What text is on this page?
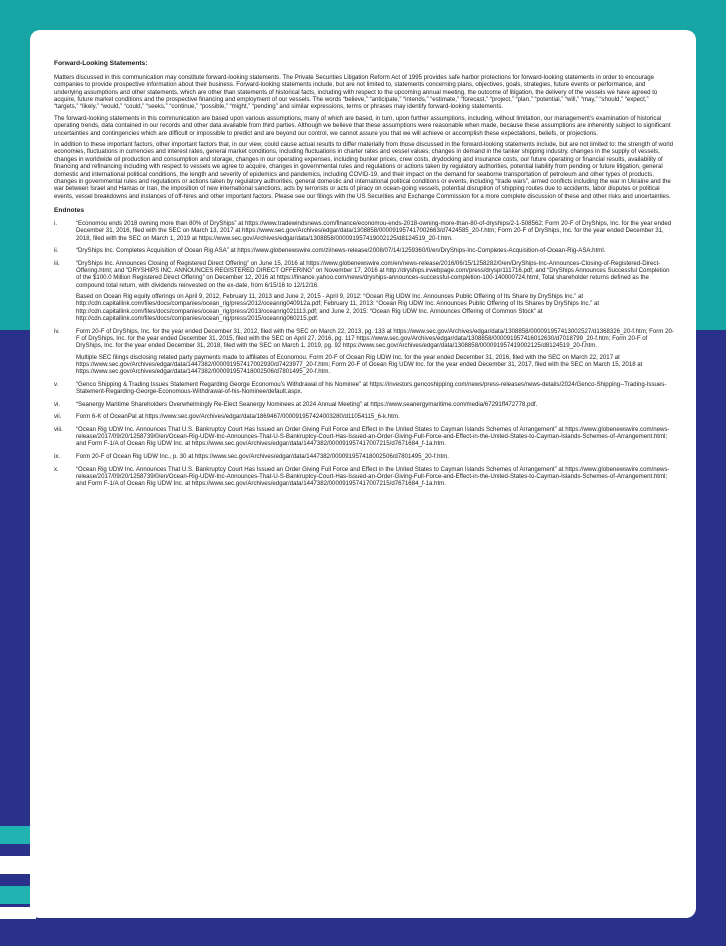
Forward-Looking Statements:

Matters discussed in this communication may constitute forward-looking statements. The Private Securities Litigation Reform Act of 1995 provides safe harbor protections for forward-looking statements in order to encourage companies to provide prospective information about their business. Forward-looking statements include, but are not limited to, statements concerning plans, objectives, goals, strategies, future events or performance, and underlying assumptions and other statements, which are other than statements of historical facts, including with respect to the upcoming annual meeting, the outcome of litigation, the delivery of the vessels we have agreed to acquire, future market conditions and the prospective financing and employment of our vessels. The words “believe,” “anticipate,” “intends,” “estimate,” “forecast,” “project,” “plan,” “potential,” “will,” “may,” “should,” “expect,” “targets,” “likely,” “would,” “could,” “seeks,” “continue,” “possible,” “might,” “pending” and similar expressions, terms or phrases may identify forward-looking statements.

The forward-looking statements in this communication are based upon various assumptions, many of which are based, in turn, upon further assumptions, including, without limitation, our management’s examination of historical operating trends, data contained in our records and other data available from third parties. Although we believe that these assumptions were reasonable when made, because these assumptions are inherently subject to significant uncertainties and contingencies which are difficult or impossible to predict and are beyond our control, we cannot assure you that we will achieve or accomplish these expectations, beliefs, or projections.

In addition to these important factors, other important factors that, in our view, could cause actual results to differ materially from those discussed in the forward-looking statements include, but are not limited to: the strength of world economies, fluctuations in currencies and interest rates, general market conditions, including fluctuations in charter rates and vessel values, changes in demand in the tanker shipping industry, changes in the supply of vessels, changes in worldwide oil production and consumption and storage, changes in our operating expenses, including bunker prices, crew costs, drydocking and insurance costs, our future operating or financial results, availability of financing and refinancing including with respect to vessels we agree to acquire, changes in governmental rules and regulations or actions taken by regulatory authorities, potential liability from pending or future litigation, general domestic and international political conditions, the length and severity of epidemics and pandemics, including COVID-19, and their impact on the demand for seaborne transportation of petroleum and other types of products, changes in governmental rules and regulations or actions taken by regulatory authorities, general domestic and international political conditions or events, including “trade wars”, armed conflicts including the war in Ukraine and the war between Israel and Hamas or Iran, the imposition of new international sanctions, acts by terrorists or acts of piracy on ocean-going vessels, potential disruption of shipping routes due to accidents, labor disputes or political events, vessel breakdowns and instances of off-hires and other important factors. Please see our filings with the US Securities and Exchange Commission for a more complete discussion of these and other risks and uncertainties.

Endnotes
i.	“Economou ends 2018 owning more than 80% of DryShips” at https://www.tradewindsnews.com/finance/economou-ends-2018-owning-more-than-80-of-dryships/2-1-508562; Form 20-F of DryShips, Inc. for the year ended December 31, 2016, filed with the SEC on March 13, 2017 at https://www.sec.gov/Archives/edgar/data/1308858/000091957417002663/d7424585_20-f.htm; Form 20-F of DryShips, Inc. for the year ended December 31, 2018, filed with the SEC on March 1, 2019 at https://www.sec.gov/Archives/edgar/data/1308858/000091957419002125/d8124519_20-f.htm.
ii.	“DryShips Inc. Completes Acquisition of Ocean Rig ASA” at https://www.globenewswire.com/zi/news-release/2008/07/14/1259360/0/en/DryShips-Inc-Completes-Acquisition-of-Ocean-Rig-ASA.html.
iii.	“DryShips Inc. Announces Closing of Registered Direct Offering” on June 15, 2016 at https://www.globenewswire.com/en/news-release/2016/06/15/1258282/0/en/DryShips-Inc-Announces-Closing-of-Registered-Direct-Offering.html; and “DRYSHIPS INC. ANNOUNCES REGISTERED DIRECT OFFERING” on November 17, 2016 at http://dryships.irwebpage.com/press/dryspr111716.pdf; and “DryShips Announces Successful Completion of the $100.0 Million Registered Direct Offering” on December 12, 2016 at https://finance.yahoo.com/news/dryships-announces-successful-completion-100-140000724.html; Total shareholder returns defined as the compound total return, with dividends reinvested on the ex-date, from 6/15/16 to 12/12/16.
Based on Ocean Rig equity offerings on April 9, 2012, February 11, 2013 and June 2, 2015 - April 9, 2012: “Ocean Rig UDW Inc. Announces Public Offering of Its Share by DryShips Inc.” at http://cdn.capitallink.com/files/docs/companies/ocean_rig/press/2012/oceanrig040912a.pdf; February 11, 2013: “Ocean Rig UDW Inc. Announces Public Offering of Its Shares by DryShips Inc.” at http://cdn.capitallink.com/files/docs/companies/ocean_rig/press/2013/oceanrig021113.pdf; and June 2, 2015: “Ocean Rig UDW Inc. Announces Offering of Common Stock” at http://cdn.capitallink.com/files/docs/companies/ocean_rig/press/2015/oceanrig060215.pdf.
iv.	Form 20-F of DryShips, Inc. for the year ended December 31, 2012, filed with the SEC on March 22, 2013, pg. 133 at https://www.sec.gov/Archives/edgar/data/1308858/000091957413002527/d1368326_20-f.htm; Form 20-F of DryShips, Inc. for the year ended December 31, 2015, filed with the SEC on April 27, 2016, pg. 117 https://www.sec.gov/Archives/edgar/data/1308858/000091957416012630/d7018799_20-f.htm; Form 20-F of DryShips, Inc. for the year ended December 31, 2018, filed with the SEC on March 1, 2019, pg. 92 https://www.sec.gov/Archives/edgar/data/1308858/000091957419002125/d8124519_20-f.htm.
Multiple SEC filings disclosing related party payments made to affiliates of Economou. Form 20-F of Ocean Rig UDW Inc. for the year ended December 31, 2016, filed with the SEC on March 22, 2017 at https://www.sec.gov/Archives/edgar/data/1447382/000091957417002930/d7423977_20-f.htm; Form 20-F of Ocean Rig UDW Inc. for the year ended December 31, 2017, filed with the SEC on March 15, 2018 at https://www.sec.gov/Archives/edgar/data/1447382/000091957418002506/d7801495_20-f.htm.
v.	“Genco Shipping & Trading Issues Statement Regarding George Economou’s Withdrawal of his Nominee” at https://investors.gencoshipping.com/news/press-releases/news-details/2024/Genco-Shipping--Trading-Issues-Statement-Regarding-George-Economous-Withdrawal-of-his-Nominee/default.aspx.
vi.	“Seanergy Maritime Shareholders Overwhelmingly Re-Elect Seanergy Nominees at 2024 Annual Meeting” at https://www.seanergymaritime.com/media/67291ff472778.pdf.
vii.	Form 6-K of OceanPal at https://www.sec.gov/Archives/edgar/data/1869467/000091957424003280/d11054115_6-k.htm.
viii.	“Ocean Rig UDW Inc. Announces That U.S. Bankruptcy Court Has Issued an Order Giving Full Force and Effect in the United States to Cayman Islands Schemes of Arrangement” at https://www.globenewswire.com/news-release/2017/09/20/1258739/0/en/Ocean-Rig-UDW-Inc-Announces-That-U-S-Bankruptcy-Court-Has-Issued-an-Order-Giving-Full-Force-and-Effect-in-the-United-States-to-Cayman-Islands-Schemes-of-Arrangement.html; and Form F-1/A of Ocean Rig UDW Inc. at https://www.sec.gov/Archives/edgar/data/1447382/000091957417007215/d7671684_f-1a.htm.
ix.	Form 20-F of Ocean Rig UDW Inc., p. 30 at https://www.sec.gov/Archives/edgar/data/1447382/000091957418002506/d7801495_20-f.htm.
x.	“Ocean Rig UDW Inc. Announces That U.S. Bankruptcy Court Has Issued an Order Giving Full Force and Effect in the United States to Cayman Islands Schemes of Arrangement” at https://www.globenewswire.com/news-release/2017/09/20/1258739/0/en/Ocean-Rig-UDW-Inc-Announces-That-U-S-Bankruptcy-Court-Has-Issued-an-Order-Giving-Full-Force-and-Effect-in-the-United-States-to-Cayman-Islands-Schemes-of-Arrangement.html; and Form F-1/A of Ocean Rig UDW Inc. at https://www.sec.gov/Archives/edgar/data/1447382/000091957417007215/d7671684_f-1a.htm.
